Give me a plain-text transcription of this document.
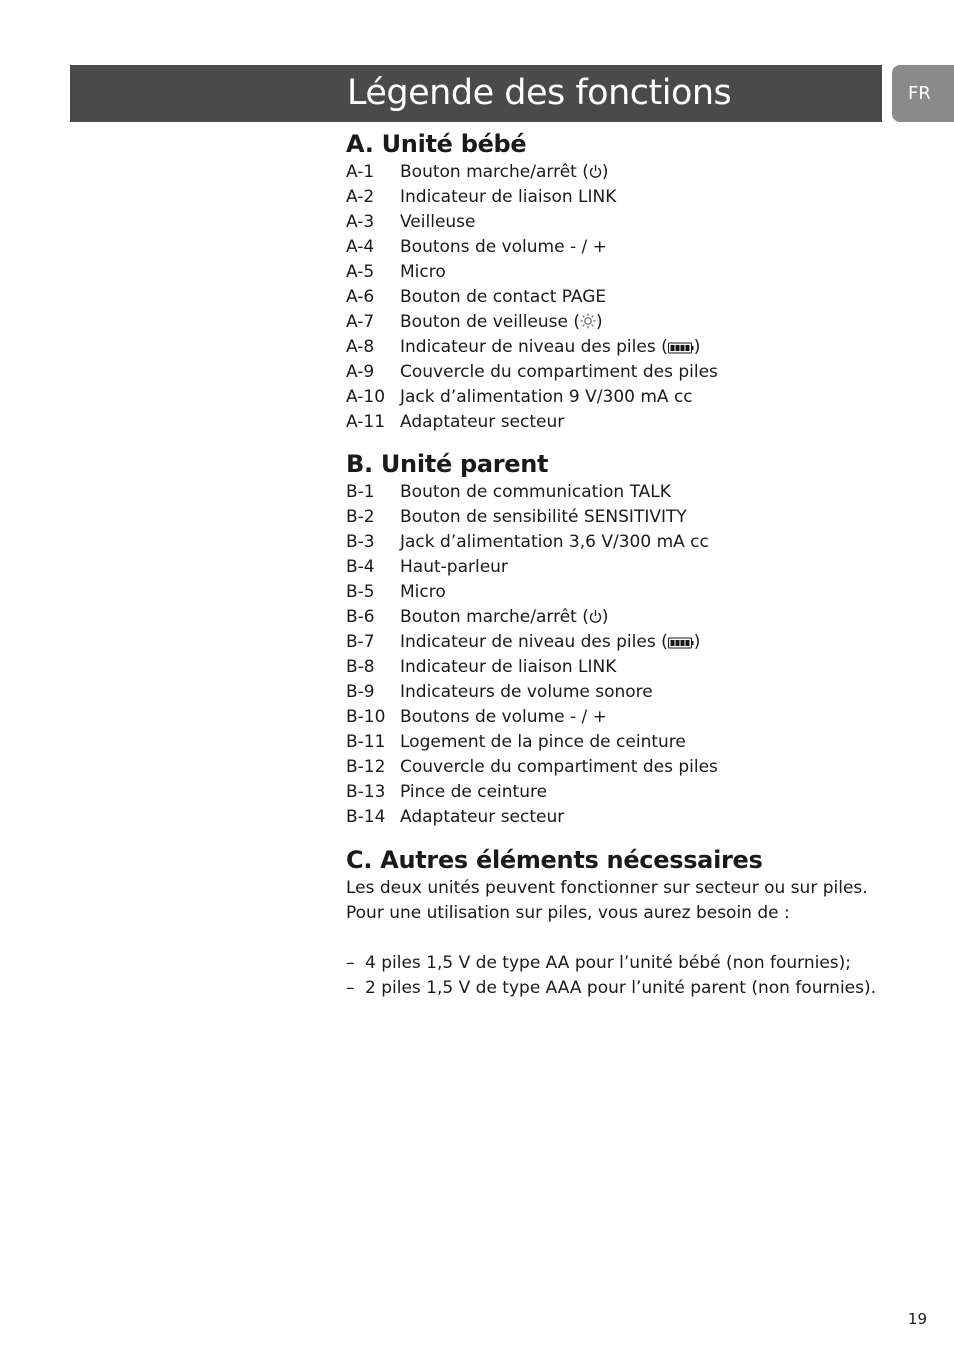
Légende des fonctions	FR
A. Unité bébé
A-1 Bouton marche/arrêt ( )
A-2 Indicateur de liaison LINK
A-3 Veilleuse
A-4 Boutons de volume - / +
A-5 Micro
A-6 Bouton de contact PAGE
A-7 Bouton de veilleuse ( )
A-8 Indicateur de niveau des piles ( )
A-9 Couvercle du compartiment des piles
A-10 Jack d’alimentation 9 V/300 mA cc
A-11 Adaptateur secteur
B. Unité parent
B-1 Bouton de communication TALK
B-2 Bouton de sensibilité SENSITIVITY
B-3 Jack d’alimentation 3,6 V/300 mA cc
B-4 Haut-parleur
B-5 Micro
B-6 Bouton marche/arrêt ( )
B-7 Indicateur de niveau des piles ( )
B-8 Indicateur de liaison LINK
B-9 Indicateurs de volume sonore
B-10 Boutons de volume - / +
B-11 Logement de la pince de ceinture
B-12 Couvercle du compartiment des piles
B-13 Pince de ceinture
B-14 Adaptateur secteur
C. Autres éléments nécessaires
Les deux unités peuvent fonctionner sur secteur ou sur piles.
Pour une utilisation sur piles, vous aurez besoin de :
– 4 piles 1,5 V de type AA pour l’unité bébé (non fournies);
– 2 piles 1,5 V de type AAA pour l’unité parent (non fournies).
19
